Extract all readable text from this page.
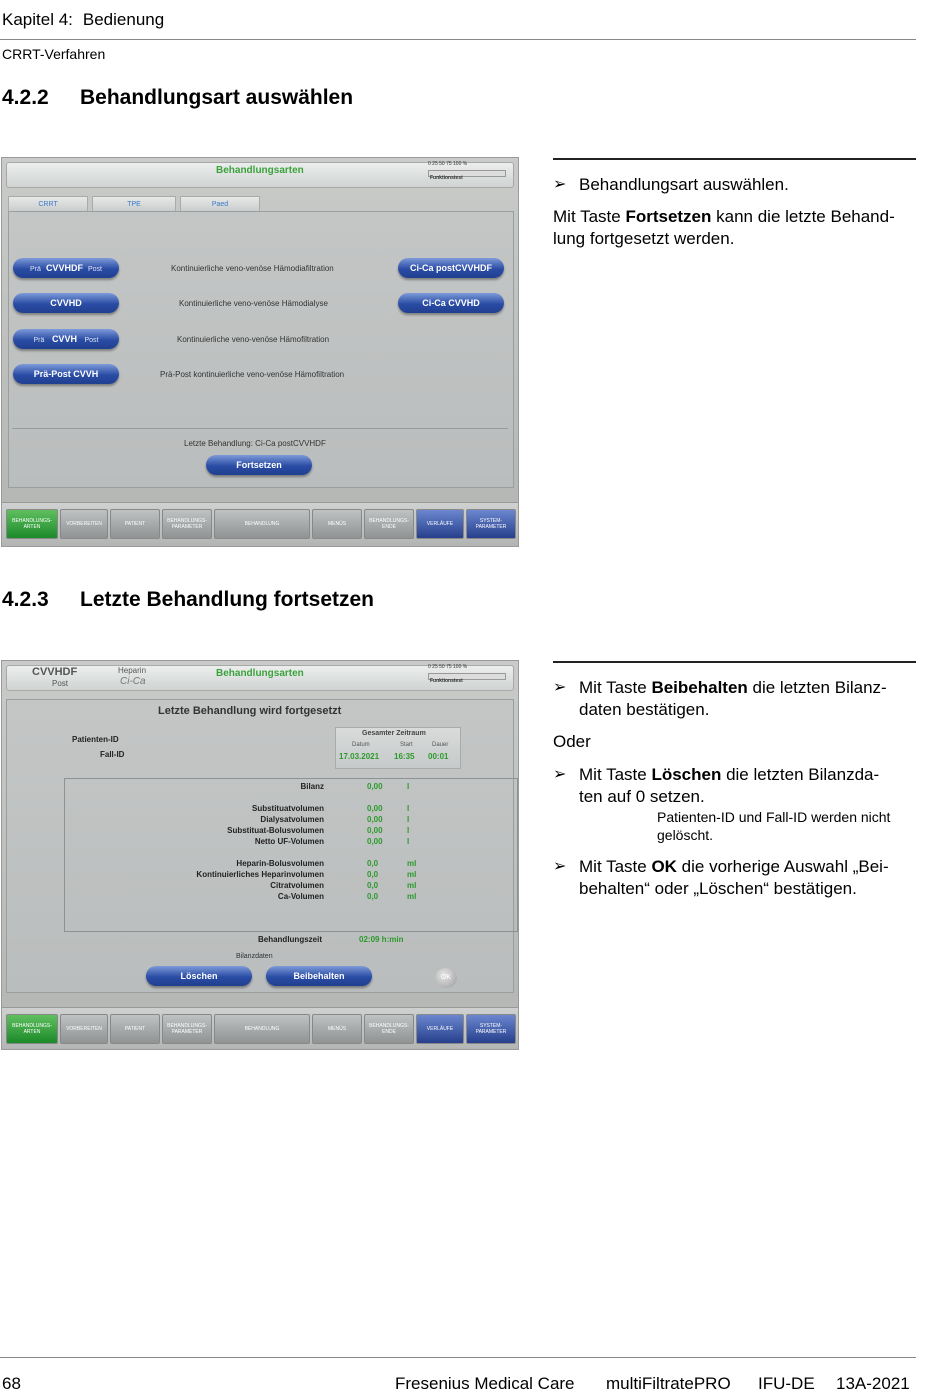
Kapitel 4: Bedienung
CRRT-Verfahren
4.2.2 Behandlungsart auswählen
Behandlungsarten
0 25 50 75 100 %
Funktionstest
CRRT	TPE	Paed
Prä CVVHDF Post	Kontinuierliche veno-venöse Hämodiafiltration	Ci-Ca postCVVHDF
CVVHD	Kontinuierliche veno-venöse Hämodialyse	Ci-Ca CVVHD
Prä CVVH Post	Kontinuierliche veno-venöse Hämofiltration
Prä-Post CVVH	Prä-Post kontinuierliche veno-venöse Hämofiltration
Letzte Behandlung: Ci-Ca postCVVHDF
Fortsetzen
BEHANDLUNGS-
ARTEN	VORBEREITEN	PATIENT	BEHANDLUNGS-
PARAMETER	BEHANDLUNG	MENÜS	BEHANDLUNGS-
ENDE	VERLÄUFE	SYSTEM-
PARAMETER
➢ Behandlungsart auswählen.
Mit Taste Fortsetzen kann die letzte Behand-
lung fortgesetzt werden.
4.2.3 Letzte Behandlung fortsetzen
CVVHDF
Post
Heparin
Ci-Ca
Behandlungsarten
0 25 50 75 100 %
Funktionstest
Letzte Behandlung wird fortgesetzt
Patienten-ID
Fall-ID
Gesamter Zeitraum
Datum	Start	Dauer
17.03.2021 16:35 00:01
Bilanz	0,00	l
Substituatvolumen	0,00	l
Dialysatvolumen	0,00	l
Substituat-Bolusvolumen	0,00	l
Netto UF-Volumen	0,00	l
Heparin-Bolusvolumen	0,0	ml
Kontinuierliches Heparinvolumen	0,0	ml
Citratvolumen	0,0	ml
Ca-Volumen	0,0	ml
Behandlungszeit	02:09 h:min
Bilanzdaten
Löschen	Beibehalten	OK
BEHANDLUNGS-
ARTEN	VORBEREITEN	PATIENT	BEHANDLUNGS-
PARAMETER	BEHANDLUNG	MENÜS	BEHANDLUNGS-
ENDE	VERLÄUFE	SYSTEM-
PARAMETER
➢ Mit Taste Beibehalten die letzten Bilanz-
daten bestätigen.
Oder
➢ Mit Taste Löschen die letzten Bilanzda-
ten auf 0 setzen.
Patienten-ID und Fall-ID werden nicht
gelöscht.
➢ Mit Taste OK die vorherige Auswahl „Bei-
behalten“ oder „Löschen“ bestätigen.
68	Fresenius Medical Care multiFiltratePRO IFU-DE 13A-2021
